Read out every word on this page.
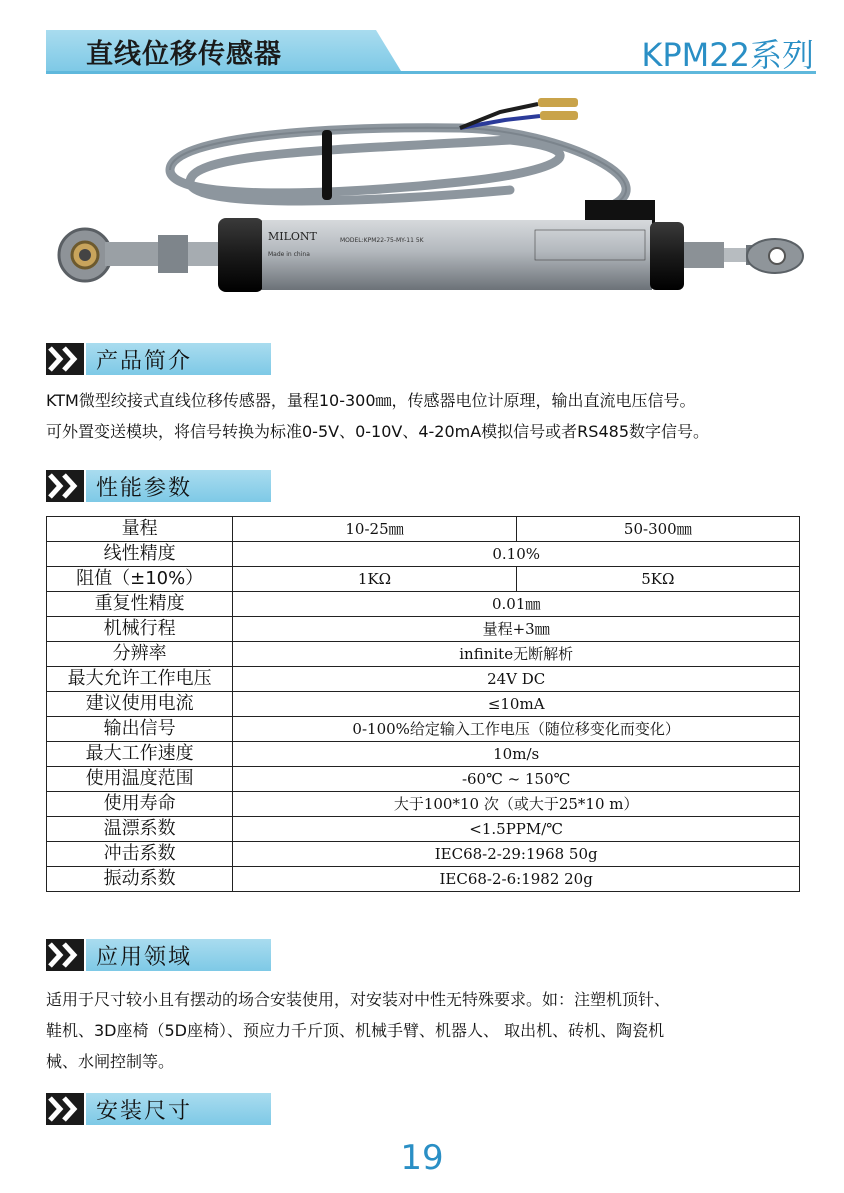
直线位移传感器	KPM22系列
MILONT	MODEL:KPM22-75-MY-11 5K
Made in china
产品简介
KTM微型绞接式直线位移传感器，量程10-300㎜，传感器电位计原理，输出直流电压信号。
可外置变送模块，将信号转换为标准0-5V、0-10V、4-20mA模拟信号或者RS485数字信号。
性能参数
量程	10-25㎜	50-300㎜
线性精度	0.10%	
阻值（±10%）	1KΩ	5KΩ
重复性精度	0.01㎜	
机械行程	量程+3㎜	
分辨率	infinite无断解析	
最大允许工作电压	24V DC	
建议使用电流	≤10mA	
输出信号	0-100%给定输入工作电压（随位移变化而变化）	
最大工作速度	10m/s	
使用温度范围	-60℃ ~ 150℃	
使用寿命	大于100*10 次（或大于25*10 m）	
温漂系数	<1.5PPM/℃	
冲击系数	IEC68-2-29:1968 50g	
振动系数	IEC68-2-6:1982 20g	
应用领域
适用于尺寸较小且有摆动的场合安装使用，对安装对中性无特殊要求。如：注塑机顶针、
鞋机、3D座椅（5D座椅）、预应力千斤顶、机械手臂、机器人、 取出机、砖机、陶瓷机
械、水闸控制等。
安装尺寸
19
